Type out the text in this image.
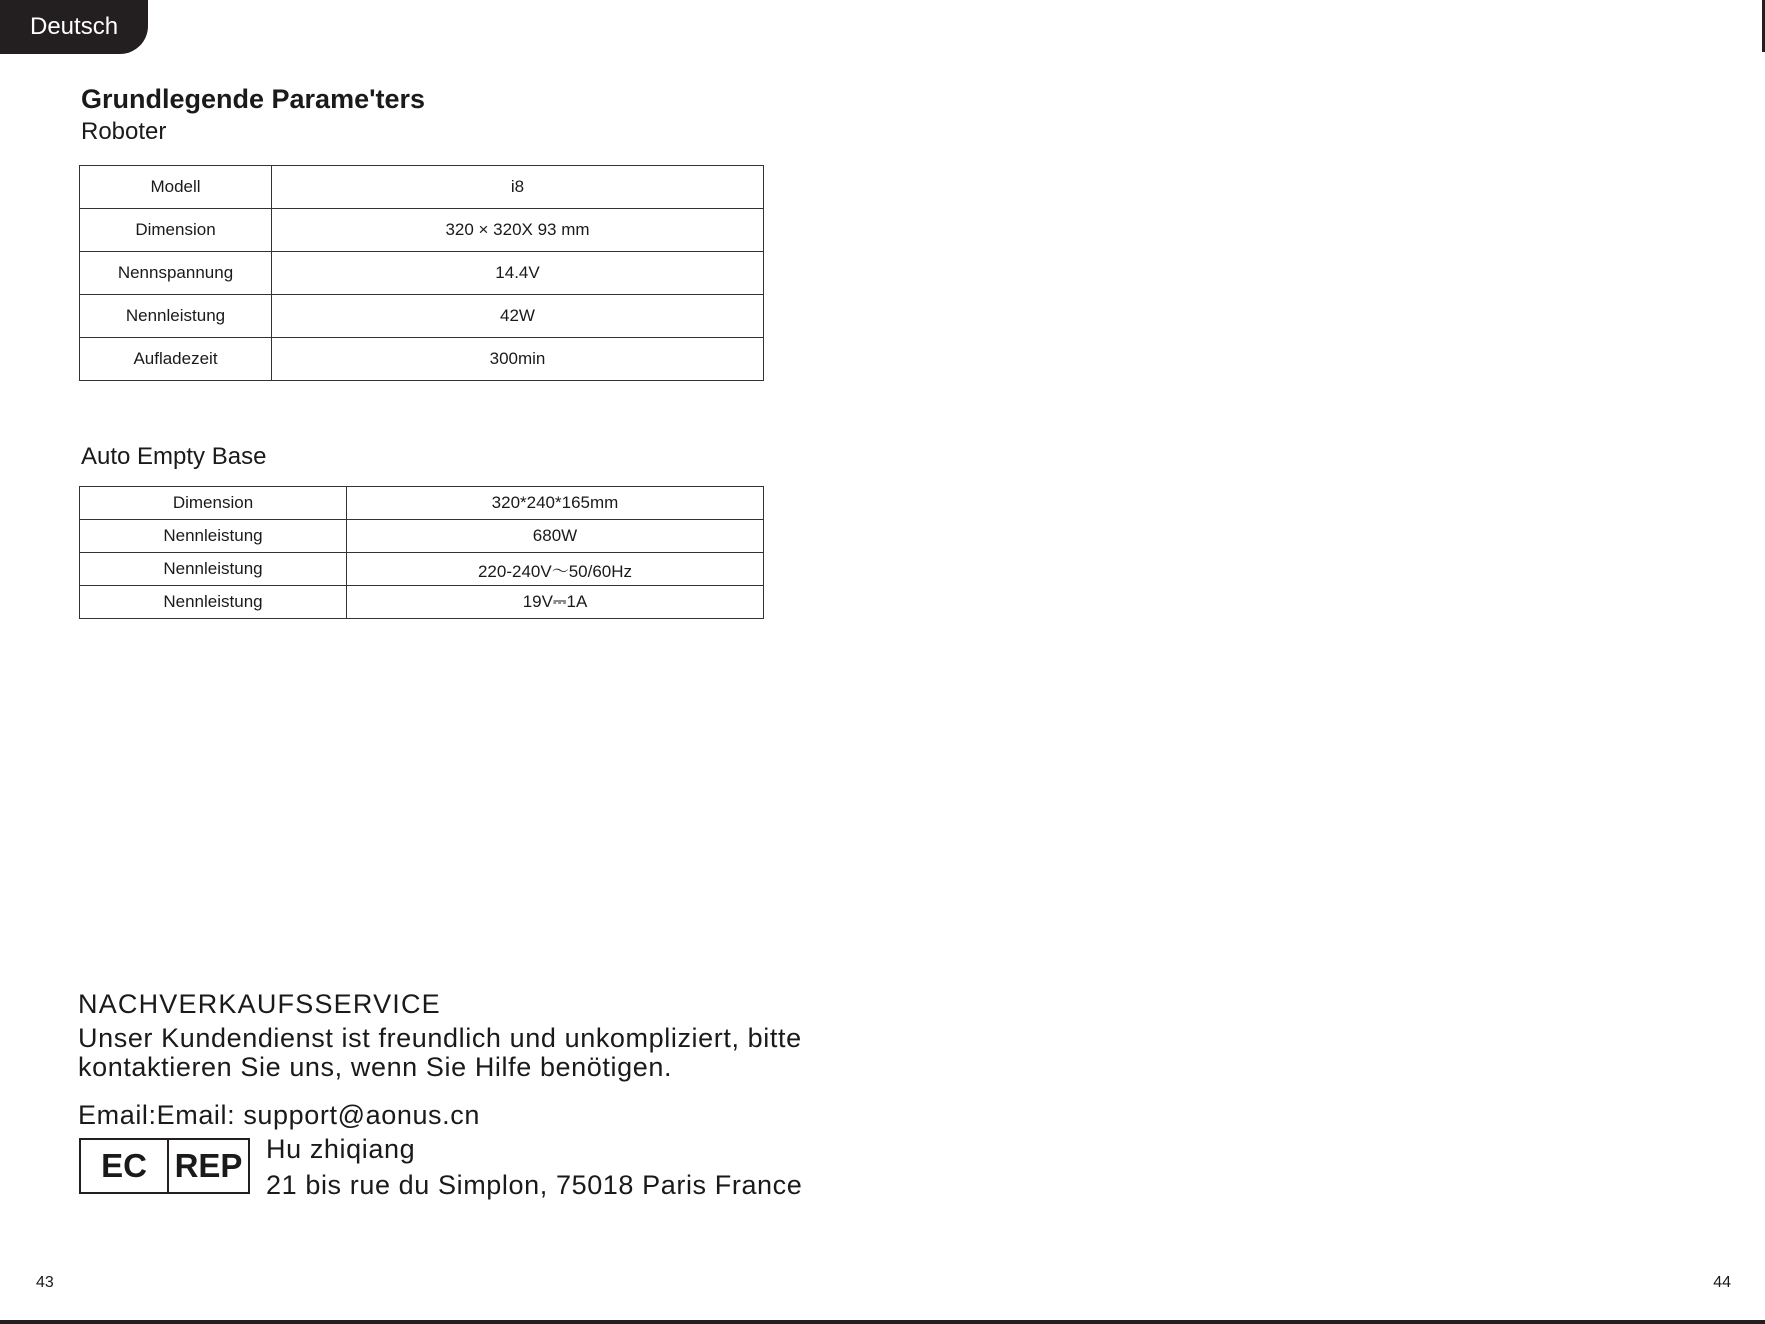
Deutsch
Grundlegende Parame'ters
Roboter
Modell	i8
Dimension	320 × 320X 93 mm
Nennspannung	14.4V
Nennleistung	42W
Aufladezeit	300min
Auto Empty Base
Dimension	320*240*165mm
Nennleistung	680W
Nennleistung	220-240V～50/60Hz
Nennleistung	19V⎓1A
NACHVERKAUFSSERVICE

Unser Kundendienst ist freundlich und unkompliziert, bitte
kontaktieren Sie uns, wenn Sie Hilfe benötigen.

Email:Email: support@aonus.cn

EC REP Hu zhiqiang

21 bis rue du Simplon, 75018 Paris France

43	44
